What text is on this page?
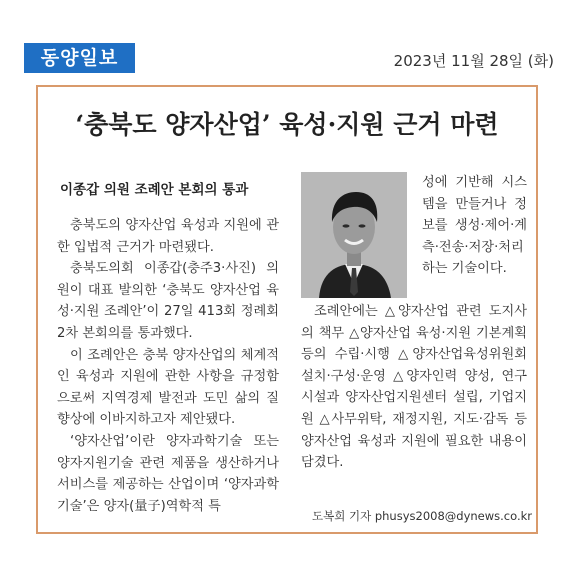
동양일보	2023년 11월 28일 (화)
‘충북도 양자산업’ 육성·지원 근거 마련
이종갑 의원 조례안 본회의 통과

충북도의 양자산업 육성과 지원에 관한 입법적 근거가 마련됐다.

충북도의회 이종갑(충주3·사진) 의원이 대표 발의한 ‘충북도 양자산업 육성·지원 조례안’이 27일 413회 정례회 2차 본회의를 통과했다.

이 조례안은 충북 양자산업의 체계적인 육성과 지원에 관한 사항을 규정함으로써 지역경제 발전과 도민 삶의 질 향상에 이바지하고자 제안됐다.

‘양자산업’이란 양자과학기술 또는 양자지원기술 관련 제품을 생산하거나 서비스를 제공하는 산업이며 ‘양자과학기술’은 양자(量子)역학적 특

성에 기반해 시스템을 만들거나 정보를 생성·제어·계측·전송·저장·처리하는 기술이다.

조례안에는 △양자산업 관련 도지사의 책무 △양자산업 육성·지원 기본계획 등의 수립·시행 △양자산업육성위원회 설치·구성·운영 △양자인력 양성, 연구시설과 양자산업지원센터 설립, 기업지원 △사무위탁, 재정지원, 지도·감독 등 양자산업 육성과 지원에 필요한 내용이 담겼다.

도복희 기자 phusys2008@dynews.co.kr
